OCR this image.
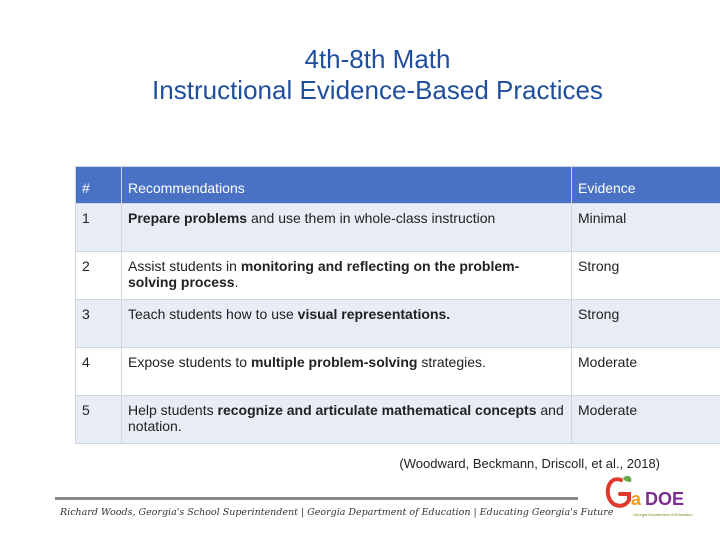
4th-8th Math
Instructional Evidence-Based Practices
#	Recommendations	Evidence
1	Prepare problems and use them in whole-class instruction	Minimal
2	Assist students in monitoring and reflecting on the problem-solving process.	Strong
3	Teach students how to use visual representations.	Strong
4	Expose students to multiple problem-solving strategies.	Moderate
5	Help students recognize and articulate mathematical concepts and notation.	Moderate
(Woodward, Beckmann, Driscoll, et al., 2018)
Richard Woods, Georgia's School Superintendent | Georgia Department of Education | Educating Georgia's Future
a DOE
Georgia Department of Education
